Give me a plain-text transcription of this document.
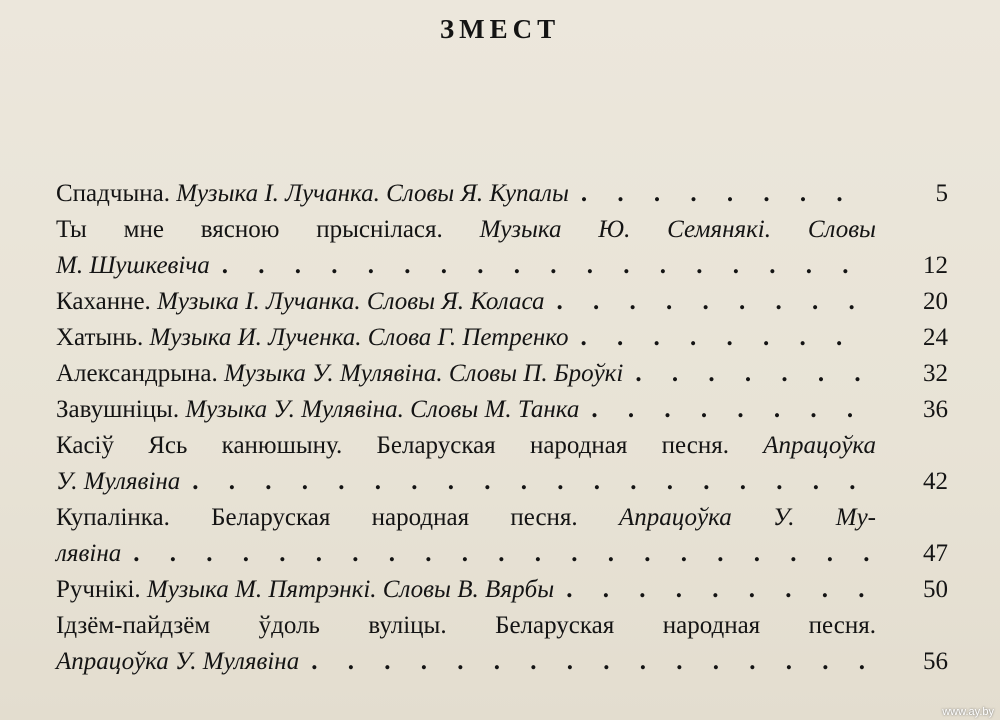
ЗМЕСТ
Спадчына. Музыка І. Лучанка. Словы Я. Купалы . . .	5
Ты мне вясною прыснілася. Музыка Ю. Семянякі. Словы
М. Шушкевіча . . .	12
Каханне. Музыка І. Лучанка. Словы Я. Коласа . . .	20
Хатынь. Музыка И. Лученка. Слова Г. Петренко . . .	24
Александрына. Музыка У. Мулявіна. Словы П. Броўкі . . .	32
Завушніцы. Музыка У. Мулявіна. Словы М. Танка . . .	36
Касіў Ясь канюшыну. Беларуская народная песня. Апрацоўка
У. Мулявіна . . .	42
Купалінка. Беларуская народная песня. Апрацоўка У. Му-
лявіна . . .	47
Ручнікі. Музыка М. Пятрэнкі. Словы В. Вярбы . . .	50
Ідзём-пайдзём ўдоль вуліцы. Беларуская народная песня.
Апрацоўка У. Мулявіна . . .	56
www.ay.by
